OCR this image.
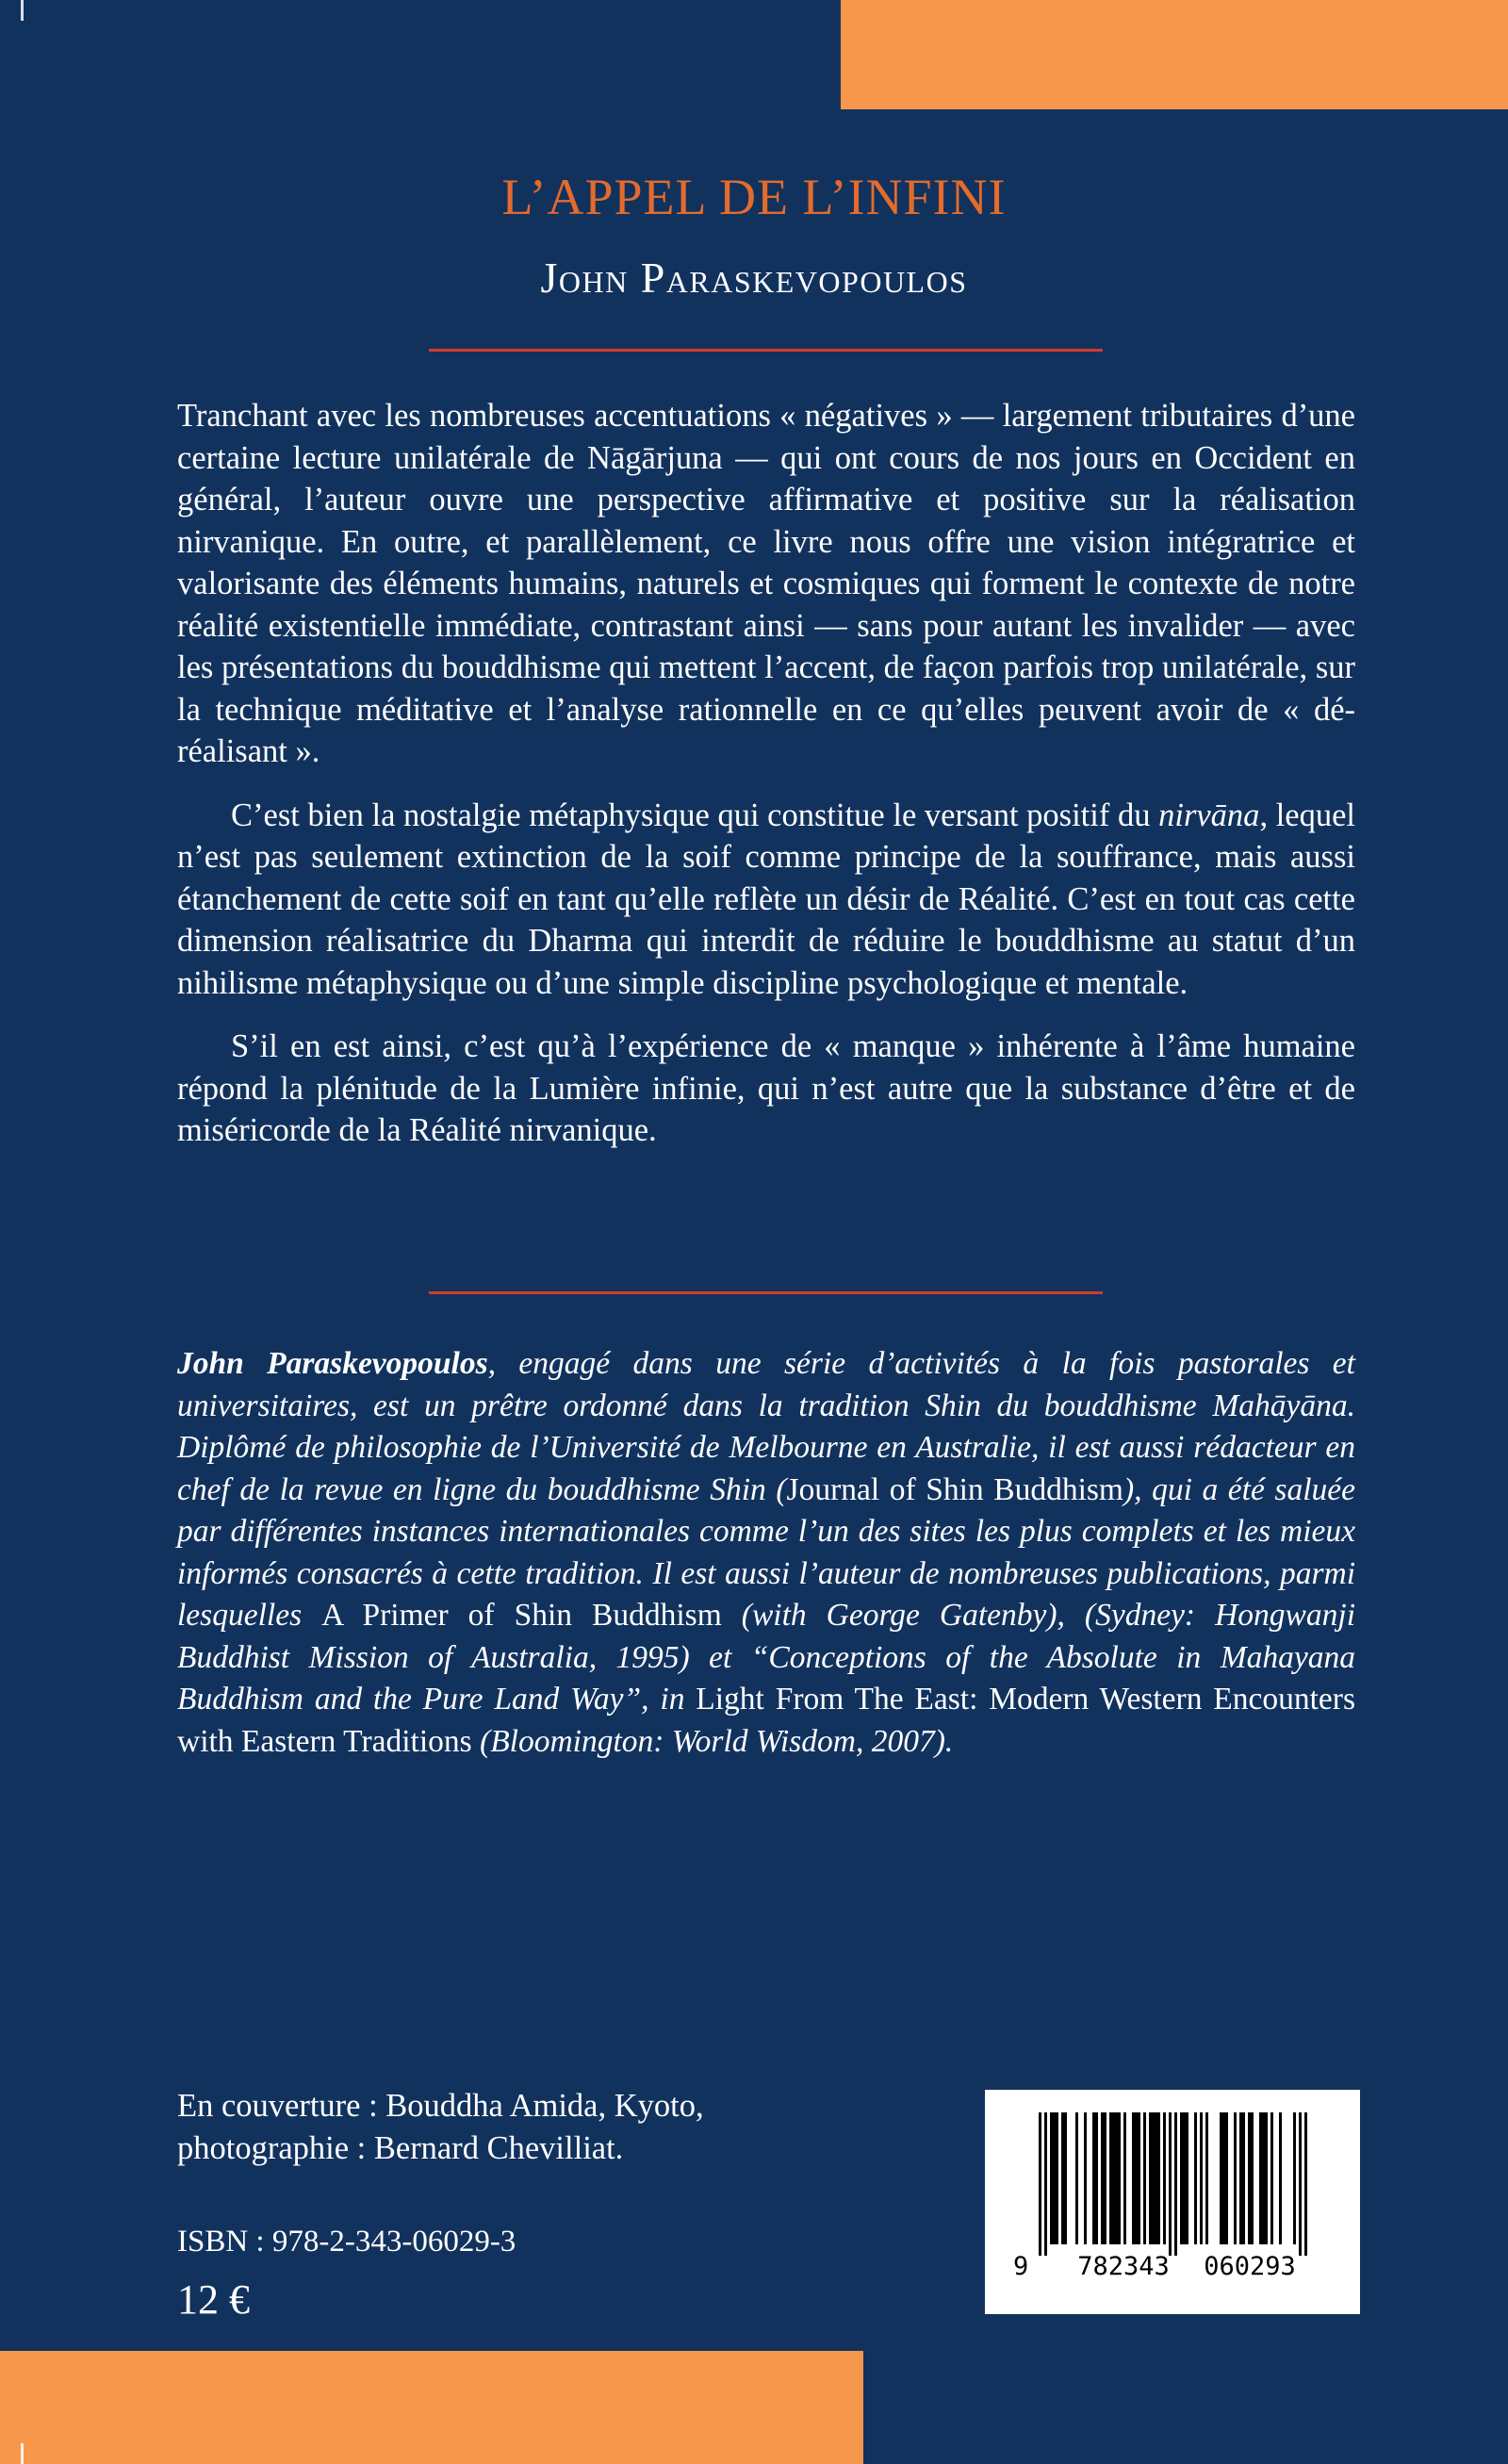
L’APPEL DE L’INFINI
John Paraskevopoulos

Tranchant avec les nombreuses accentuations « négatives » — largement tributaires d’une certaine lecture unilatérale de Nāgārjuna — qui ont cours de nos jours en Occident en général, l’auteur ouvre une perspective affirmative et positive sur la réalisation nirvanique. En outre, et parallèlement, ce livre nous offre une vision intégratrice et valorisante des éléments humains, naturels et cosmiques qui forment le contexte de notre réalité existentielle immédiate, contrastant ainsi — sans pour autant les invalider — avec les présentations du bouddhisme qui mettent l’accent, de façon parfois trop unilatérale, sur la technique méditative et l’analyse rationnelle en ce qu’elles peuvent avoir de « dé-réalisant ».

C’est bien la nostalgie métaphysique qui constitue le versant positif du nirvāna, lequel n’est pas seulement extinction de la soif comme principe de la souffrance, mais aussi étanchement de cette soif en tant qu’elle reflète un désir de Réalité. C’est en tout cas cette dimension réalisatrice du Dharma qui interdit de réduire le bouddhisme au statut d’un nihilisme métaphysique ou d’une simple discipline psychologique et mentale.

S’il en est ainsi, c’est qu’à l’expérience de « manque » inhérente à l’âme humaine répond la plénitude de la Lumière infinie, qui n’est autre que la substance d’être et de miséricorde de la Réalité nirvanique.

John Paraskevopoulos, engagé dans une série d’activités à la fois pastorales et universitaires, est un prêtre ordonné dans la tradition Shin du bouddhisme Mahāyāna. Diplômé de philosophie de l’Université de Melbourne en Australie, il est aussi rédacteur en chef de la revue en ligne du bouddhisme Shin (Journal of Shin Buddhism), qui a été saluée par différentes instances internationales comme l’un des sites les plus complets et les mieux informés consacrés à cette tradition. Il est aussi l’auteur de nombreuses publications, parmi lesquelles A Primer of Shin Buddhism (with George Gatenby), (Sydney: Hongwanji Buddhist Mission of Australia, 1995) et “Conceptions of the Absolute in Mahayana Buddhism and the Pure Land Way”, in Light From The East: Modern Western Encounters with Eastern Traditions (Bloomington: World Wisdom, 2007).

En couverture : Bouddha Amida, Kyoto,
photographie : Bernard Chevilliat.
ISBN : 978-2-343-06029-3
12 €
9 782343 060293
